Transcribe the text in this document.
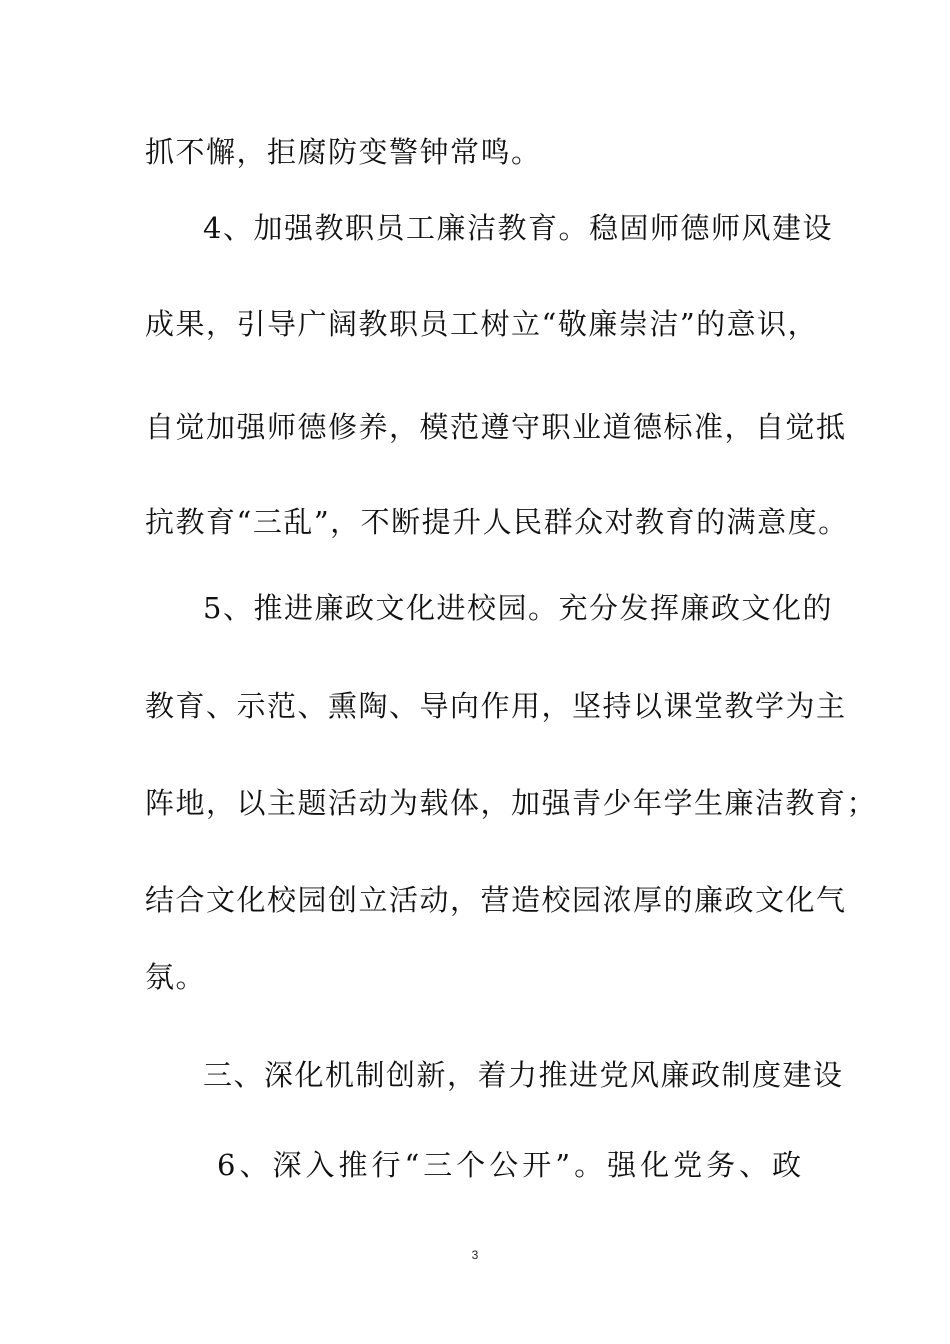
抓不懈，拒腐防变警钟常鸣。
4、加强教职员工廉洁教育。稳固师德师风建设
成果，引导广阔教职员工树立“敬廉崇洁”的意识，
自觉加强师德修养，模范遵守职业道德标准，自觉抵
抗教育“三乱”，不断提升人民群众对教育的满意度。
5、推进廉政文化进校园。充分发挥廉政文化的
教育、示范、熏陶、导向作用，坚持以课堂教学为主
阵地，以主题活动为载体，加强青少年学生廉洁教育；
结合文化校园创立活动，营造校园浓厚的廉政文化气
氛。
三、深化机制创新，着力推进党风廉政制度建设
6、深入推行“三个公开”。强化党务、政
3
